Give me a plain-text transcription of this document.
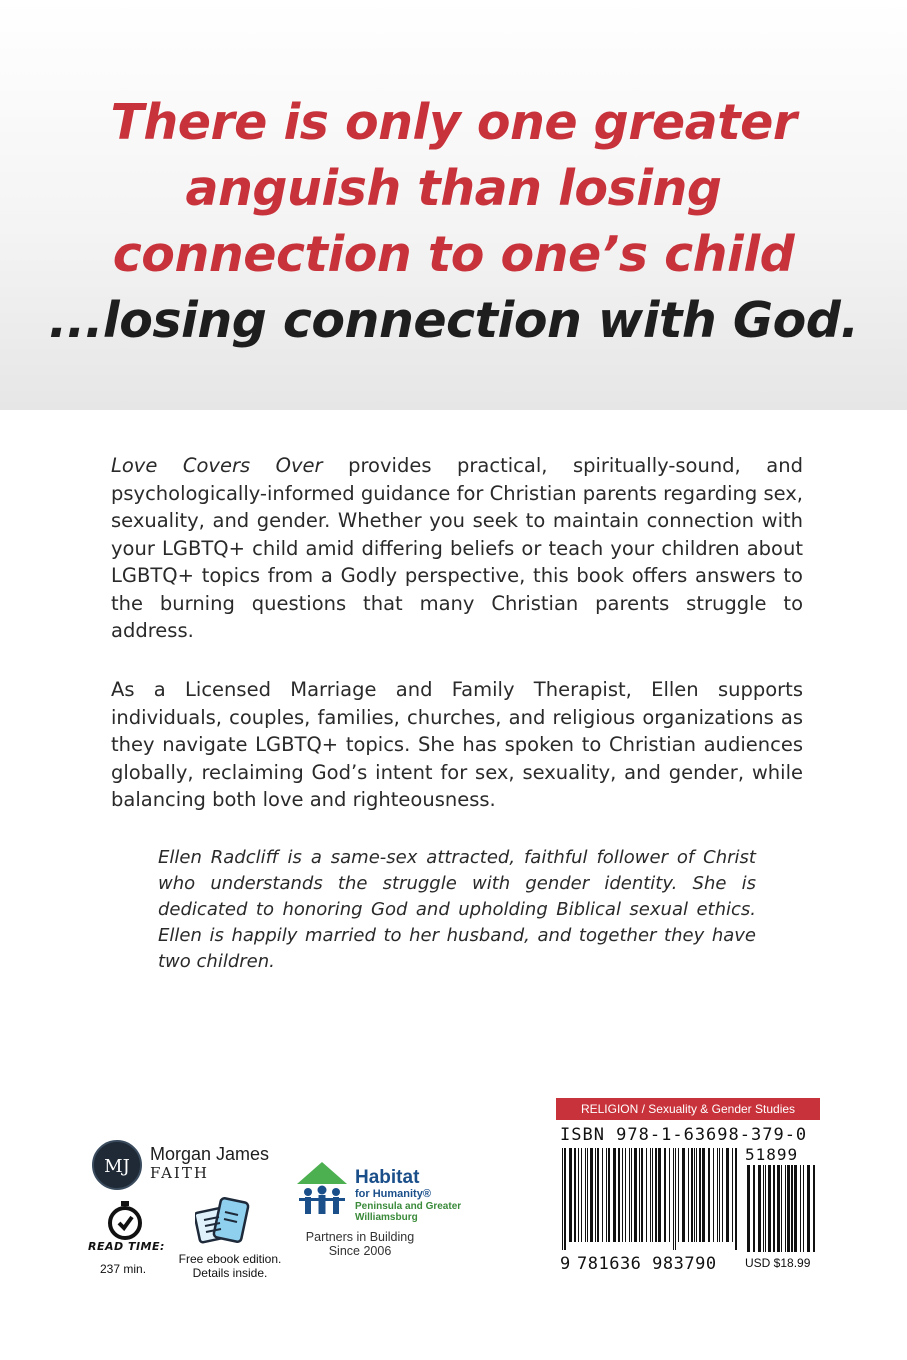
There is only one greater
anguish than losing
connection to one’s child
...losing connection with God.

Love Covers Over provides practical, spiritually-sound, and psychologically-informed guidance for Christian parents regarding sex, sexuality, and gender. Whether you seek to maintain connection with your LGBTQ+ child amid differing beliefs or teach your children about LGBTQ+ topics from a Godly perspective, this book offers answers to the burning questions that many Christian parents struggle to address.

As a Licensed Marriage and Family Therapist, Ellen supports individuals, couples, families, churches, and religious organizations as they navigate LGBTQ+ topics. She has spoken to Christian audiences globally, reclaiming God’s intent for sex, sexuality, and gender, while balancing both love and righteousness.

Ellen Radcliff is a same-sex attracted, faithful follower of Christ who understands the struggle with gender identity. She is dedicated to honoring God and upholding Biblical sexual ethics. Ellen is happily married to her husband, and together they have two children.

MJ
Morgan James
FAITH
READ TIME:
237 min.
Free ebook edition. Details inside.
Habitat
for Humanity®
Peninsula and Greater Williamsburg
Partners in Building Since 2006
RELIGION / Sexuality & Gender Studies
ISBN 978-1-63698-379-0
51899
9 781636 983790 USD $18.99
